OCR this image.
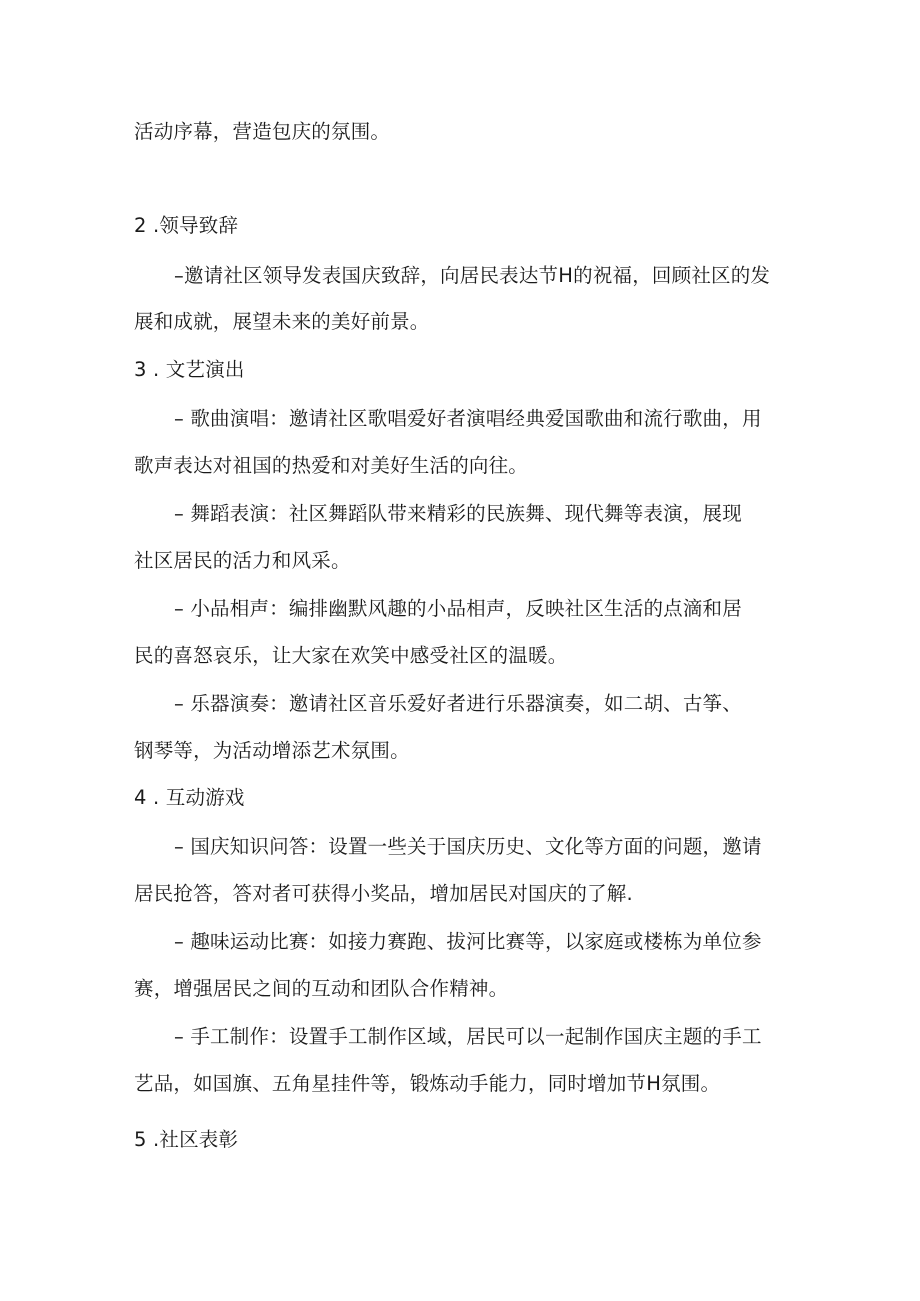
活动序幕，营造包庆的氛围。
2 .领导致辞
–邀请社区领导发表国庆致辞，向居民表达节H的祝福，回顾社区的发
展和成就，展望未来的美好前景。
3 . 文艺演出
– 歌曲演唱：邀请社区歌唱爱好者演唱经典爱国歌曲和流行歌曲，用
歌声表达对祖国的热爱和对美好生活的向往。
– 舞蹈表演：社区舞蹈队带来精彩的民族舞、现代舞等表演，展现
社区居民的活力和风采。
– 小品相声：编排幽默风趣的小品相声，反映社区生活的点滴和居
民的喜怒哀乐，让大家在欢笑中感受社区的温暖。
– 乐器演奏：邀请社区音乐爱好者进行乐器演奏，如二胡、古筝、
钢琴等，为活动增添艺术氛围。
4 . 互动游戏
– 国庆知识问答：设置一些关于国庆历史、文化等方面的问题，邀请
居民抢答，答对者可获得小奖品，增加居民对国庆的了解.
– 趣味运动比赛：如接力赛跑、拔河比赛等，以家庭或楼栋为单位参
赛，增强居民之间的互动和团队合作精神。
– 手工制作：设置手工制作区域，居民可以一起制作国庆主题的手工
艺品，如国旗、五角星挂件等，锻炼动手能力，同时增加节H氛围。
5 .社区表彰
